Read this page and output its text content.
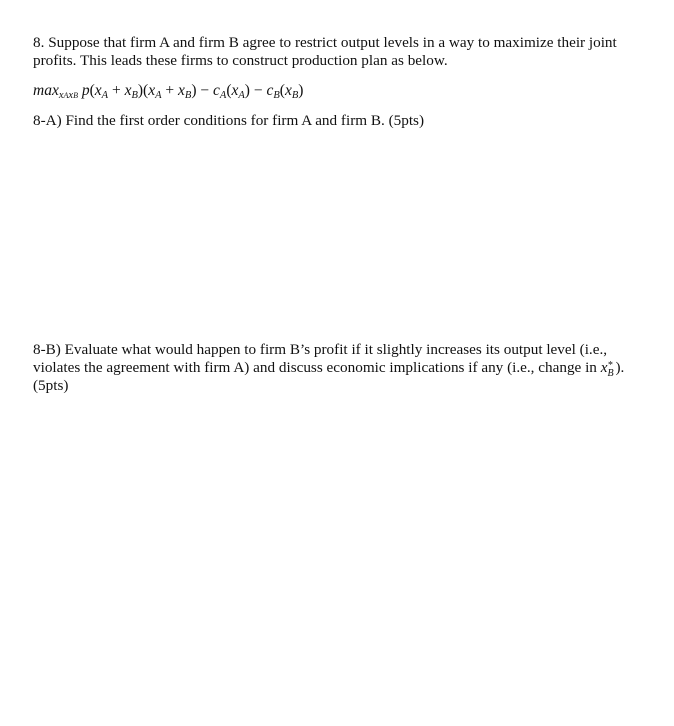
8. Suppose that firm A and firm B agree to restrict output levels in a way to maximize their joint
profits. This leads these firms to construct production plan as below.

$\max_{xAxB} p(x_A + x_B)(x_A + x_B) - c_A(x_A) - c_B(x_B)$

8-A) Find the first order conditions for firm A and firm B. (5pts)

8-B) Evaluate what would happen to firm B’s profit if it slightly increases its output level (i.e.,
violates the agreement with firm A) and discuss economic implications if any (i.e., change in x *
B ).
(5pts)
